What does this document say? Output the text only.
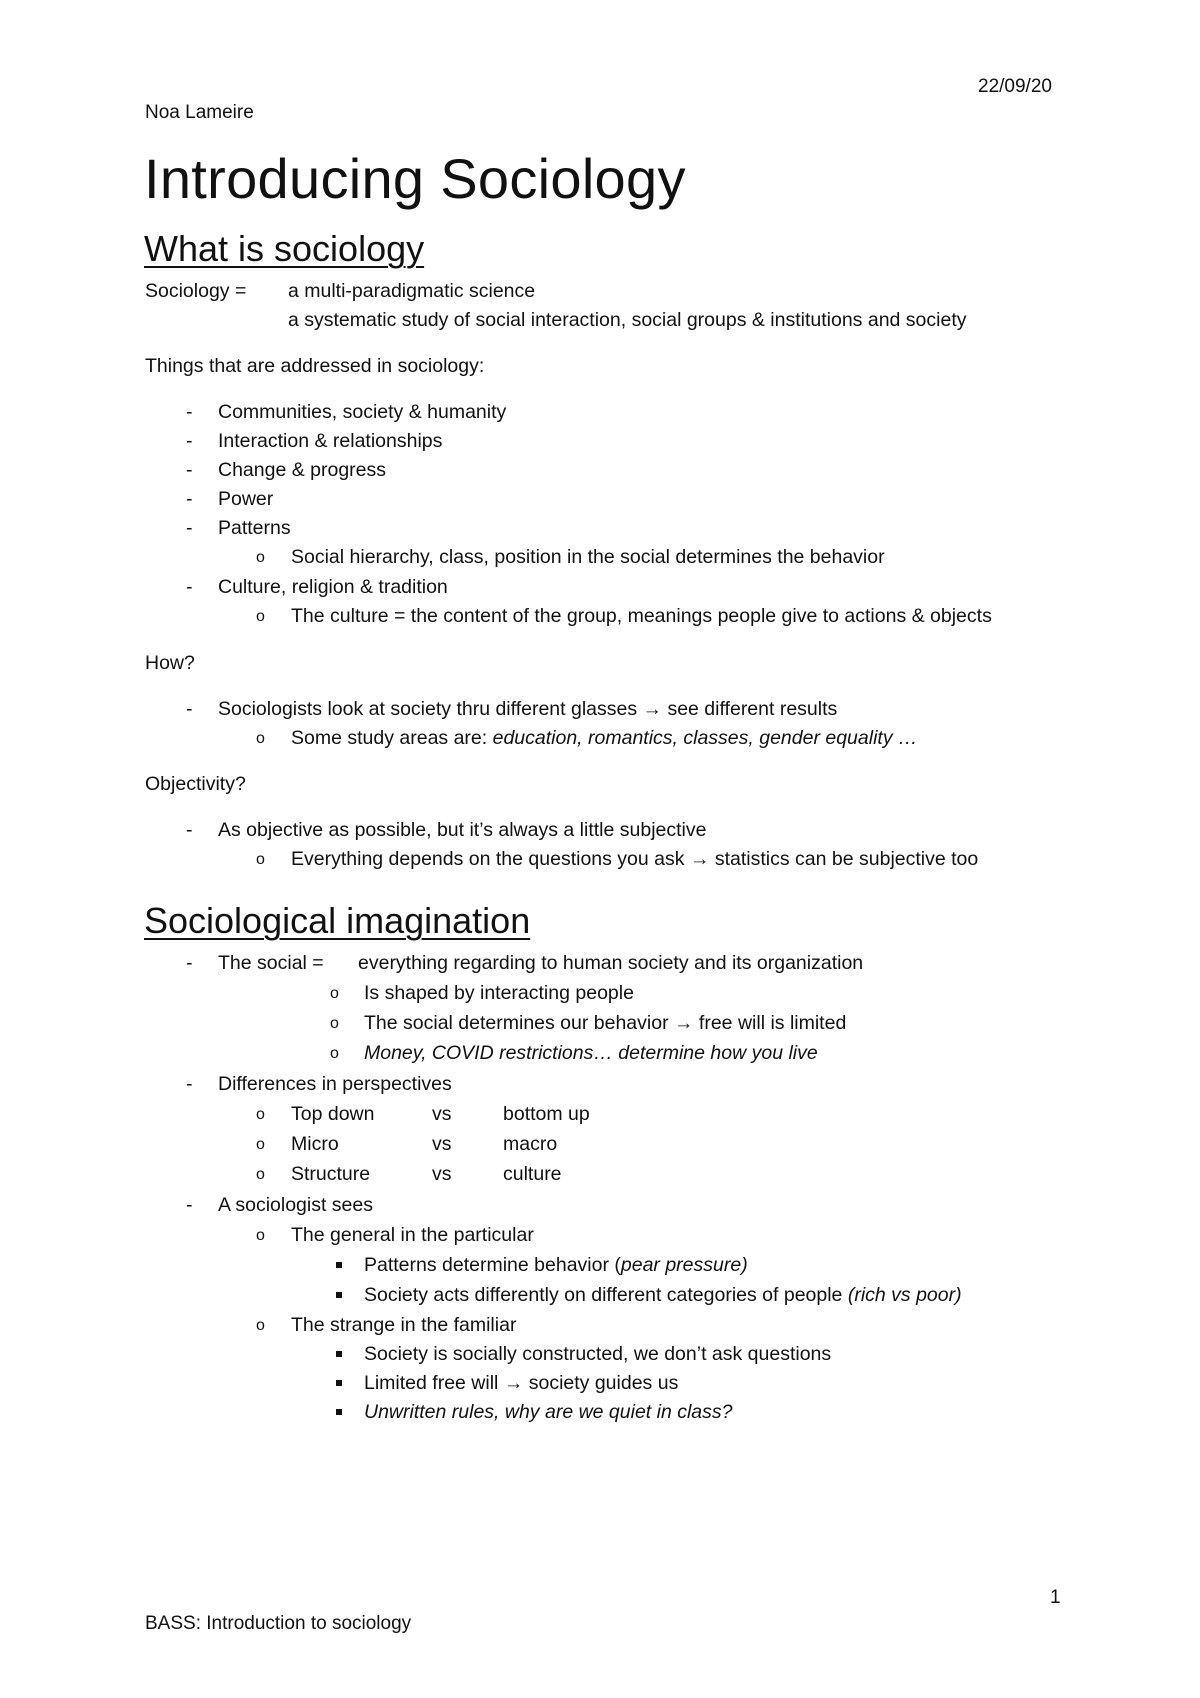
22/09/20
Noa Lameire
Introducing Sociology
What is sociology
Sociology = a multi-paradigmatic science
a systematic study of social interaction, social groups & institutions and society
Things that are addressed in sociology:
- Communities, society & humanity
- Interaction & relationships
- Change & progress
- Power
- Patterns
o Social hierarchy, class, position in the social determines the behavior
- Culture, religion & tradition
o The culture = the content of the group, meanings people give to actions & objects
How?
- Sociologists look at society thru different glasses → see different results
o Some study areas are: education, romantics, classes, gender equality …
Objectivity?
- As objective as possible, but it’s always a little subjective
o Everything depends on the questions you ask → statistics can be subjective too
Sociological imagination
- The social = everything regarding to human society and its organization
o Is shaped by interacting people
o The social determines our behavior → free will is limited
o Money, COVID restrictions… determine how you live
- Differences in perspectives
o Top down	vs	bottom up
o Micro	vs	macro
o Structure	vs	culture
- A sociologist sees
o The general in the particular
Patterns determine behavior (pear pressure)
Society acts differently on different categories of people (rich vs poor)
o The strange in the familiar
Society is socially constructed, we don’t ask questions
Limited free will → society guides us
Unwritten rules, why are we quiet in class?
1
BASS: Introduction to sociology
